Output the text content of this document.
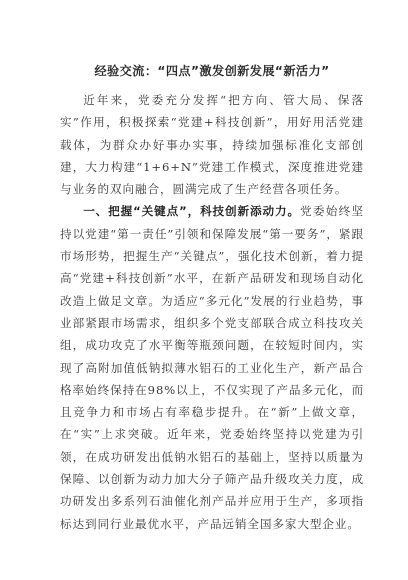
经验交流：“四点”激发创新发展“新活力”

近年来，党委充分发挥“把方向、管大局、保落实”作用，积极探索“党建+科技创新”，用好用活党建载体，为群众办好事办实事，持续加强标准化支部创建，大力构建“1+6+N”党建工作模式，深度推进党建与业务的双向融合，圆满完成了生产经营各项任务。

一、把握“关键点”，科技创新添动力。党委始终坚持以党建“第一责任”引领和保障发展“第一要务”，紧跟市场形势，把握生产“关键点”，强化技术创新，着力提高“党建+科技创新”水平，在新产品研发和现场自动化改造上做足文章。为适应“多元化”发展的行业趋势，事业部紧跟市场需求，组织多个党支部联合成立科技攻关组，成功攻克了水平衡等瓶颈问题，在较短时间内，实现了高附加值低钠拟薄水铝石的工业化生产，新产品合格率始终保持在98%以上，不仅实现了产品多元化，而且竞争力和市场占有率稳步提升。在“新”上做文章，在“实”上求突破。近年来，党委始终坚持以党建为引领，在成功研发出低钠水铝石的基础上，坚持以质量为保障、以创新为动力加大分子筛产品升级攻关力度，成功研发出多系列石油催化剂产品并应用于生产，多项指标达到同行业最优水平，产品远销全国多家大型企业。
